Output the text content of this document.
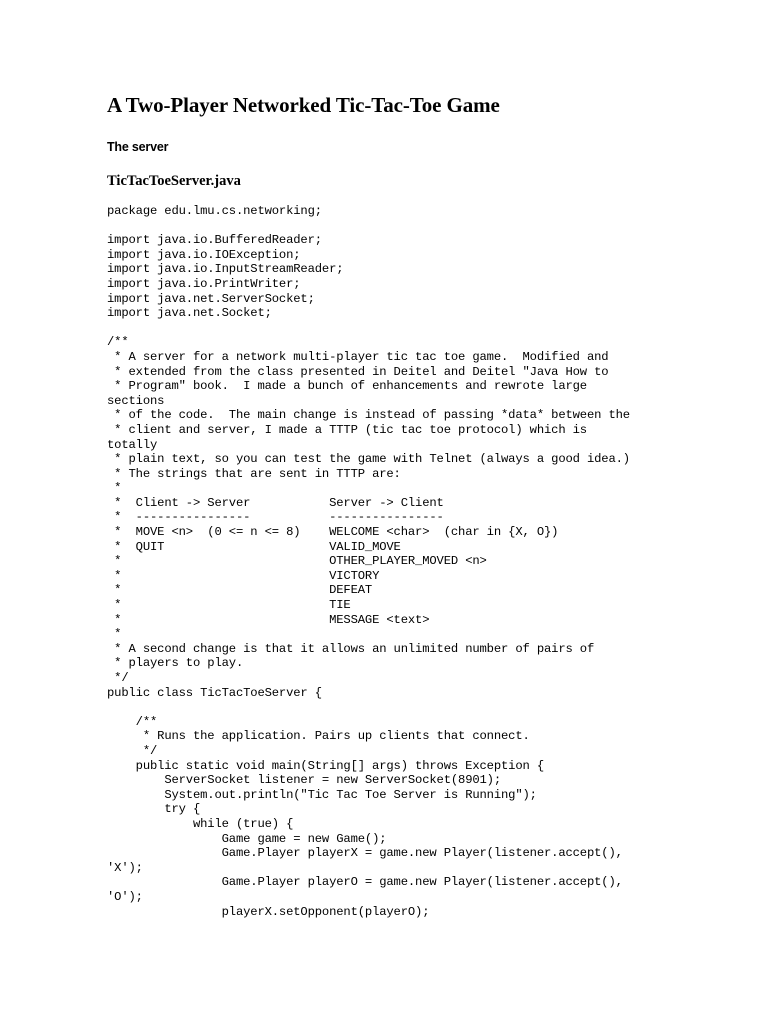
A Two-Player Networked Tic-Tac-Toe Game
The server
TicTacToeServer.java
package edu.lmu.cs.networking;

import java.io.BufferedReader;
import java.io.IOException;
import java.io.InputStreamReader;
import java.io.PrintWriter;
import java.net.ServerSocket;
import java.net.Socket;

/**
* A server for a network multi-player tic tac toe game.  Modified and
* extended from the class presented in Deitel and Deitel "Java How to
* Program" book.  I made a bunch of enhancements and rewrote large
sections
* of the code.  The main change is instead of passing *data* between the
* client and server, I made a TTTP (tic tac toe protocol) which is
totally
* plain text, so you can test the game with Telnet (always a good idea.)
* The strings that are sent in TTTP are:
*
*  Client -> Server           Server -> Client
*  ----------------           ----------------
*  MOVE <n>  (0 <= n <= 8)    WELCOME <char>  (char in {X, O})
*  QUIT                       VALID_MOVE
*                             OTHER_PLAYER_MOVED <n>
*                             VICTORY
*                             DEFEAT
*                             TIE
*                             MESSAGE <text>
*
* A second change is that it allows an unlimited number of pairs of
* players to play.
*/
public class TicTacToeServer {

/**
* Runs the application. Pairs up clients that connect.
*/
public static void main(String[] args) throws Exception {
ServerSocket listener = new ServerSocket(8901);
System.out.println("Tic Tac Toe Server is Running");
try {
while (true) {
Game game = new Game();
Game.Player playerX = game.new Player(listener.accept(),
'X');
Game.Player playerO = game.new Player(listener.accept(),
'O');
playerX.setOpponent(playerO);
